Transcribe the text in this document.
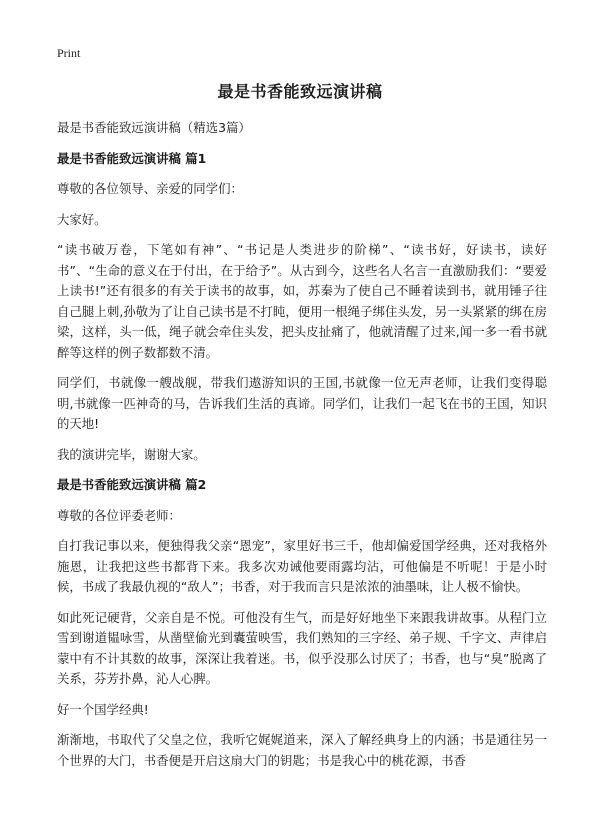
Print
最是书香能致远演讲稿

最是书香能致远演讲稿（精选3篇）

最是书香能致远演讲稿 篇1

尊敬的各位领导、亲爱的同学们：

大家好。

“读书破万卷，下笔如有神”、“书记是人类进步的阶梯”、“读书好，好读书，读好书”、“生命的意义在于付出，在于给予”。从古到今，这些名人名言一直激励我们：“要爱上读书!”还有很多的有关于读书的故事，如，苏秦为了使自己不睡着读到书，就用锤子往自己腿上刺,孙敬为了让自己读书是不打盹，便用一根绳子绑住头发，另一头紧紧的绑在房梁，这样，头一低，绳子就会牵住头发，把头皮扯痛了，他就清醒了过来,闻一多一看书就醉等这样的例子数都数不清。

同学们，书就像一艘战舰，带我们遨游知识的王国,书就像一位无声老师，让我们变得聪明,书就像一匹神奇的马，告诉我们生活的真谛。同学们，让我们一起飞在书的王国，知识的天地!

我的演讲完毕，谢谢大家。

最是书香能致远演讲稿 篇2

尊敬的各位评委老师：

自打我记事以来，便独得我父亲“恩宠”，家里好书三千，他却偏爱国学经典，还对我格外施恩，让我把这些书都背下来。我多次劝诫他要雨露均沾，可他偏是不听呢！于是小时候，书成了我最仇视的“敌人”；书香，对于我而言只是浓浓的油墨味，让人极不愉快。

如此死记硬背，父亲自是不悦。可他没有生气，而是好好地坐下来跟我讲故事。从程门立雪到谢道韫咏雪，从凿壁偷光到囊萤映雪，我们熟知的三字经、弟子规、千字文、声律启蒙中有不计其数的故事，深深让我着迷。书，似乎没那么讨厌了；书香，也与“臭”脱离了关系，芬芳扑鼻，沁人心脾。

好一个国学经典!

渐渐地，书取代了父皇之位，我听它娓娓道来，深入了解经典身上的内涵；书是通往另一个世界的大门，书香便是开启这扇大门的钥匙；书是我心中的桃花源，书香
